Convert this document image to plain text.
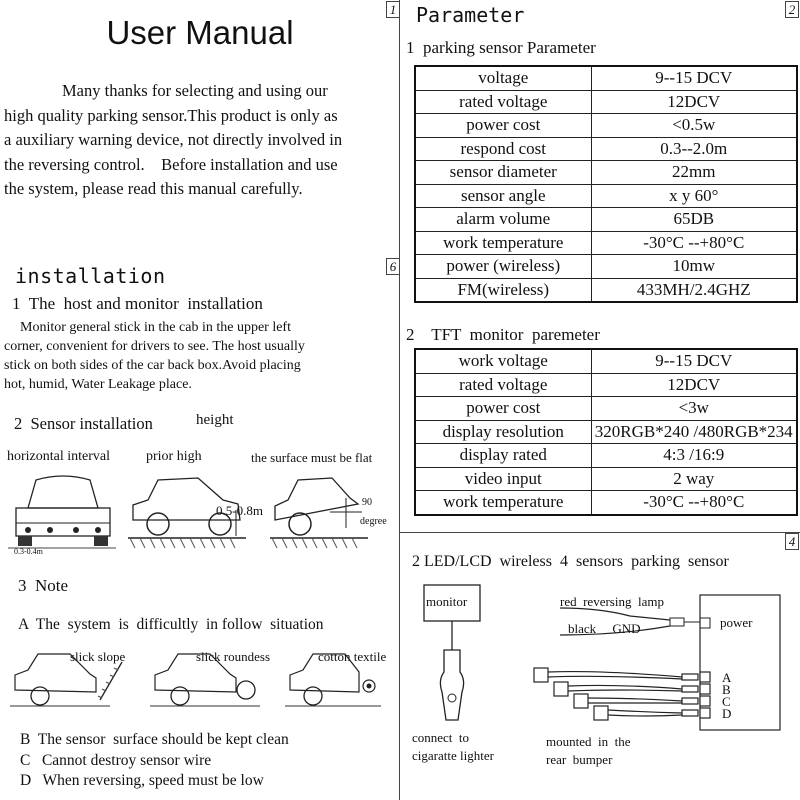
1	2
6
4
User Manual
Many thanks for selecting and using our
high quality parking sensor.This product is only as
a auxiliary warning device, not directly involved in
the reversing control.    Before installation and use
the system, please read this manual carefully.
installation
1  The  host and monitor  installation
Monitor general stick in the cab in the upper left
corner, convenient for drivers to see. The host usually
stick on both sides of the car back box.Avoid placing
hot, humid, Water Leakage place.
2  Sensor installation	height
horizontal interval	prior high	the surface must be flat
0.3-0.4m
0.5-0.8m
90
degree
3  Note
A  The  system  is  difficultly  in follow  situation
slick slope	slick roundess	cotton textile
B  The sensor  surface should be kept clean
C   Cannot destroy sensor wire
D   When reversing, speed must be low
Parameter
1  parking sensor Parameter
voltage	9--15 DCV
rated voltage	12DCV
power cost	<0.5w
respond cost	0.3--2.0m
sensor diameter	22mm
sensor angle	x y 60°
alarm volume	65DB
work temperature	-30°C --+80°C
power (wireless)	10mw
FM(wireless)	433MH/2.4GHZ
2    TFT  monitor  paremeter
work voltage	9--15 DCV
rated voltage	12DCV
power cost	<3w
display resolution	320RGB*240 /480RGB*234
display rated	4:3 /16:9
video input	2 way
work temperature	-30°C --+80°C
2 LED/LCD  wireless  4  sensors  parking  sensor
monitor	red  reversing  lamp
black     GND	power
A
B
C
D
connect  to
cigaratte lighter
mounted  in  the
rear  bumper
